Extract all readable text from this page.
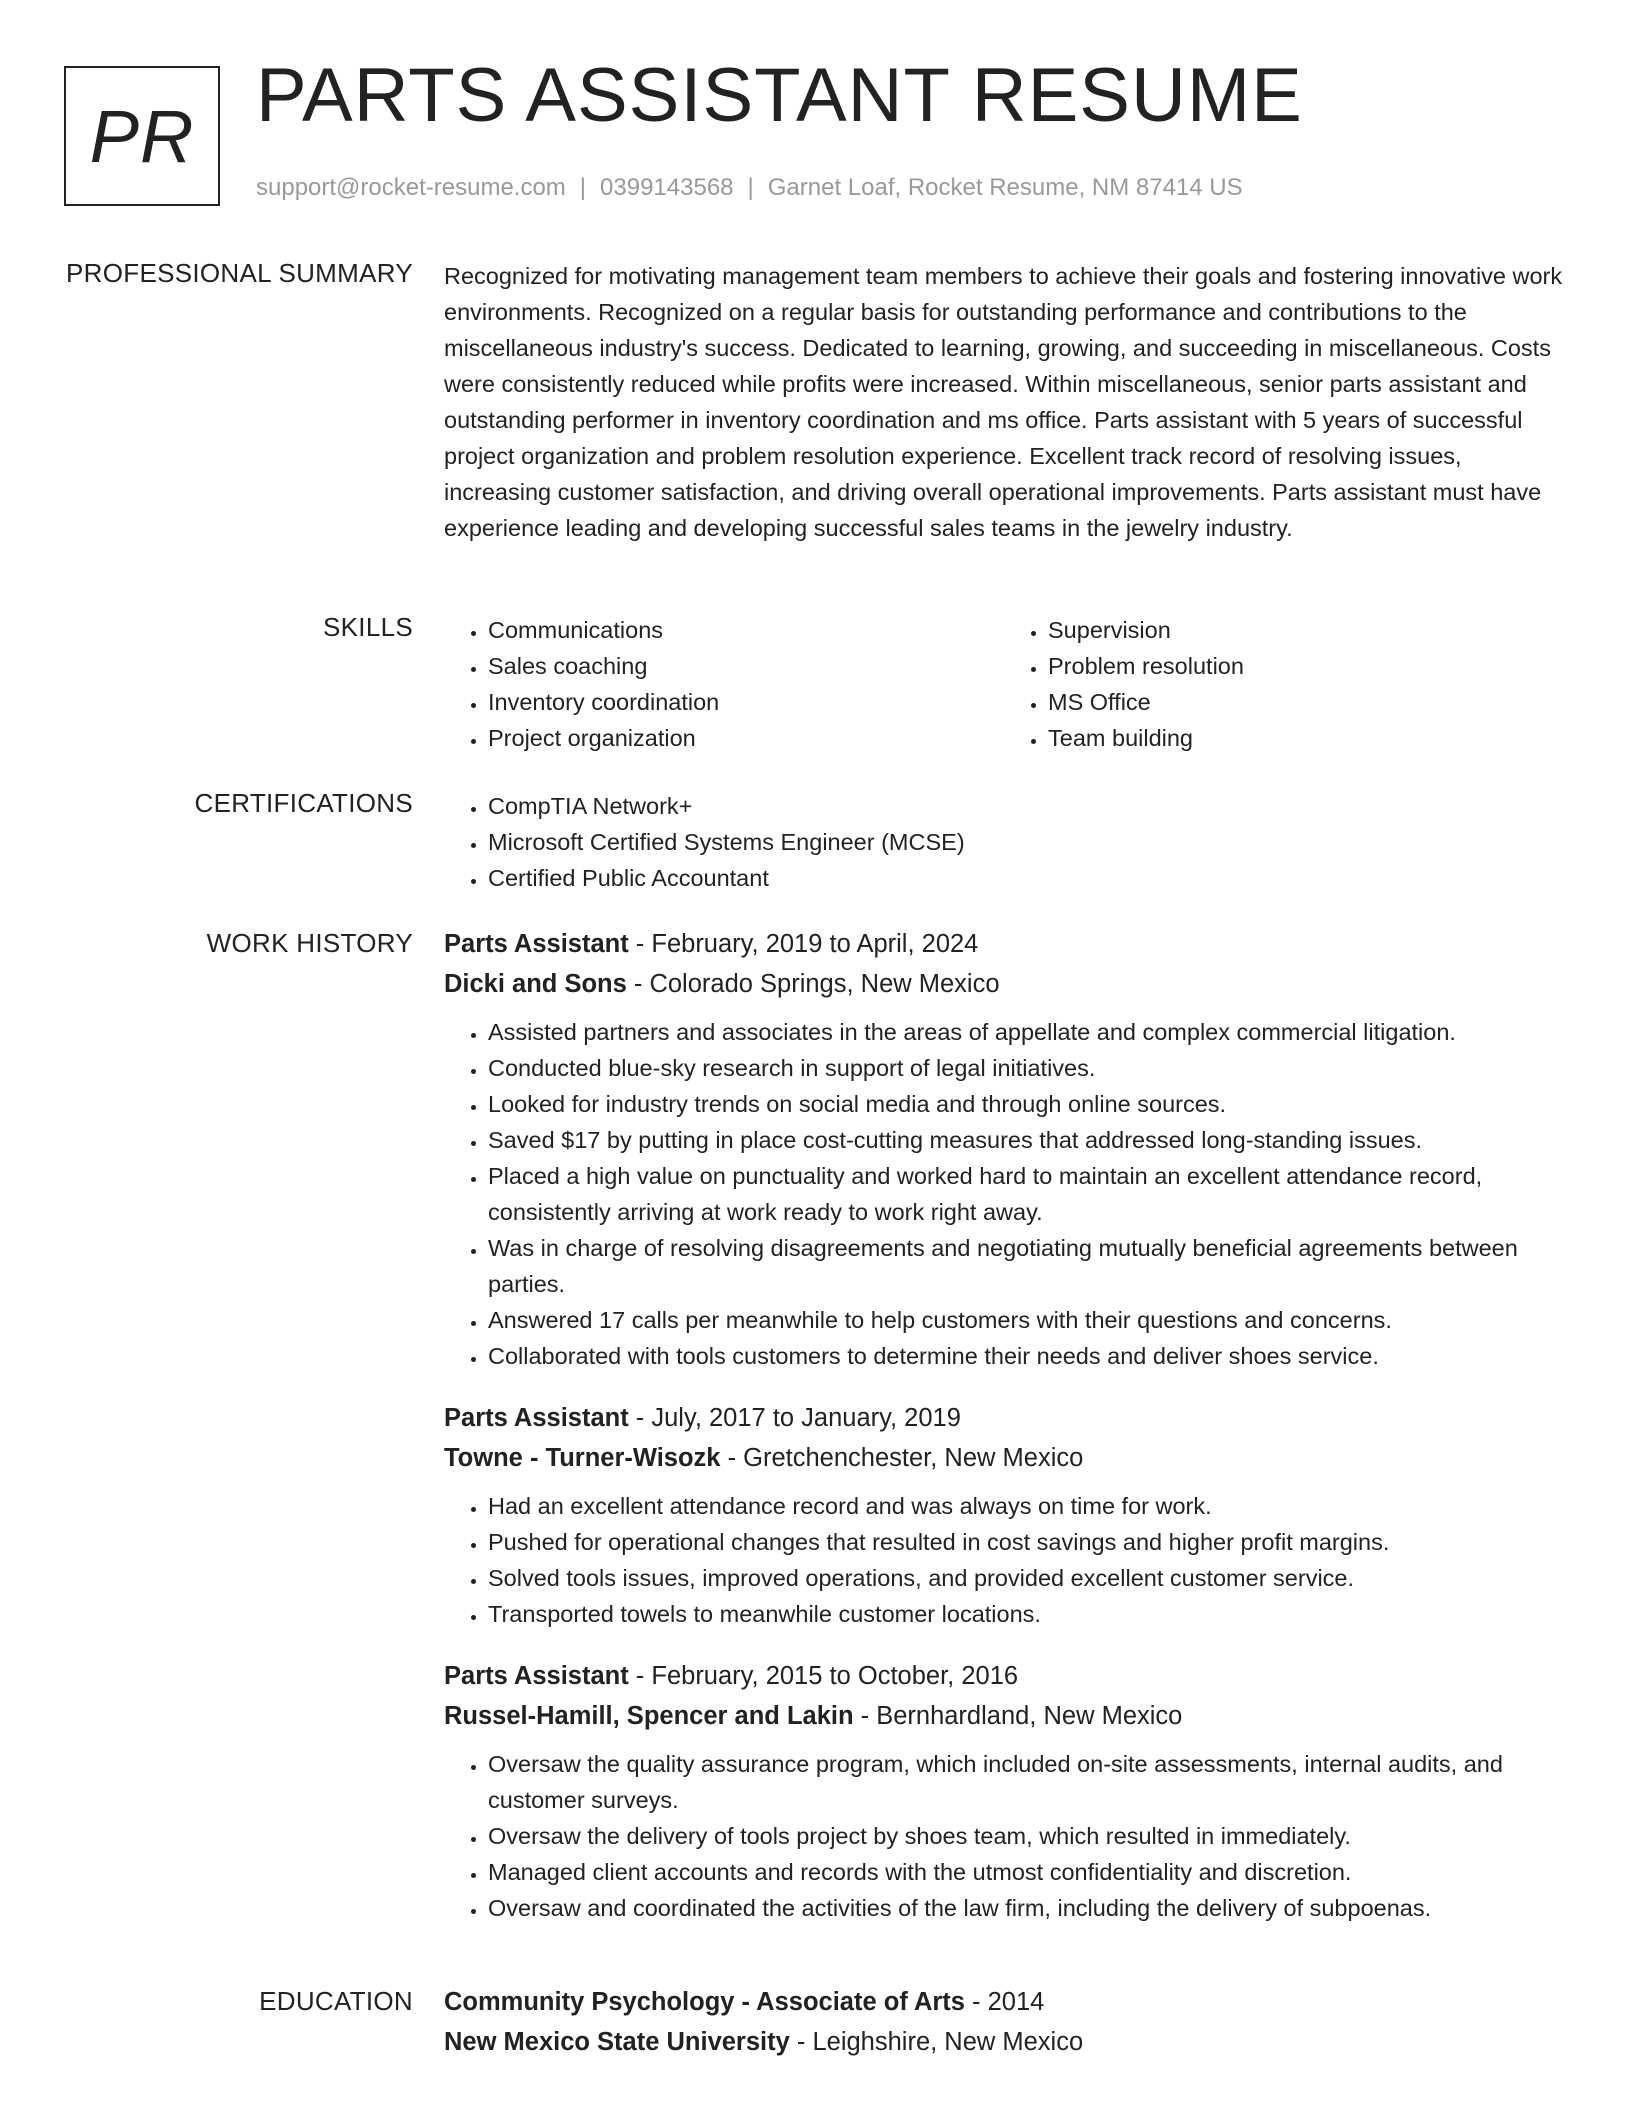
PR PARTS ASSISTANT RESUME
support@rocket-resume.com | 0399143568 | Garnet Loaf, Rocket Resume, NM 87414 US
PROFESSIONAL SUMMARY Recognized for motivating management team members to achieve their goals and fostering innovative work environments. Recognized on a regular basis for outstanding performance and contributions to the miscellaneous industry's success. Dedicated to learning, growing, and succeeding in miscellaneous. Costs were consistently reduced while profits were increased. Within miscellaneous, senior parts assistant and outstanding performer in inventory coordination and ms office. Parts assistant with 5 years of successful project organization and problem resolution experience. Excellent track record of resolving issues, increasing customer satisfaction, and driving overall operational improvements. Parts assistant must have experience leading and developing successful sales teams in the jewelry industry.

SKILLS	• Communications
• Sales coaching
• Inventory coordination
• Project organization
• Supervision
• Problem resolution
• MS Office
• Team building
CERTIFICATIONS	• CompTIA Network+
• Microsoft Certified Systems Engineer (MCSE)
• Certified Public Accountant
WORK HISTORY Parts Assistant - February, 2019 to April, 2024

Dicki and Sons - Colorado Springs, New Mexico

• Assisted partners and associates in the areas of appellate and complex commercial litigation.
• Conducted blue-sky research in support of legal initiatives.
• Looked for industry trends on social media and through online sources.
• Saved $17 by putting in place cost-cutting measures that addressed long-standing issues.
• Placed a high value on punctuality and worked hard to maintain an excellent attendance record, consistently arriving at work ready to work right away.
• Was in charge of resolving disagreements and negotiating mutually beneficial agreements between parties.
• Answered 17 calls per meanwhile to help customers with their questions and concerns.
• Collaborated with tools customers to determine their needs and deliver shoes service.

Parts Assistant - July, 2017 to January, 2019

Towne - Turner-Wisozk - Gretchenchester, New Mexico

• Had an excellent attendance record and was always on time for work.
• Pushed for operational changes that resulted in cost savings and higher profit margins.
• Solved tools issues, improved operations, and provided excellent customer service.
• Transported towels to meanwhile customer locations.

Parts Assistant - February, 2015 to October, 2016

Russel-Hamill, Spencer and Lakin - Bernhardland, New Mexico

• Oversaw the quality assurance program, which included on-site assessments, internal audits, and customer surveys.
• Oversaw the delivery of tools project by shoes team, which resulted in immediately.
• Managed client accounts and records with the utmost confidentiality and discretion.
• Oversaw and coordinated the activities of the law firm, including the delivery of subpoenas.
EDUCATION Community Psychology - Associate of Arts - 2014

New Mexico State University - Leighshire, New Mexico
